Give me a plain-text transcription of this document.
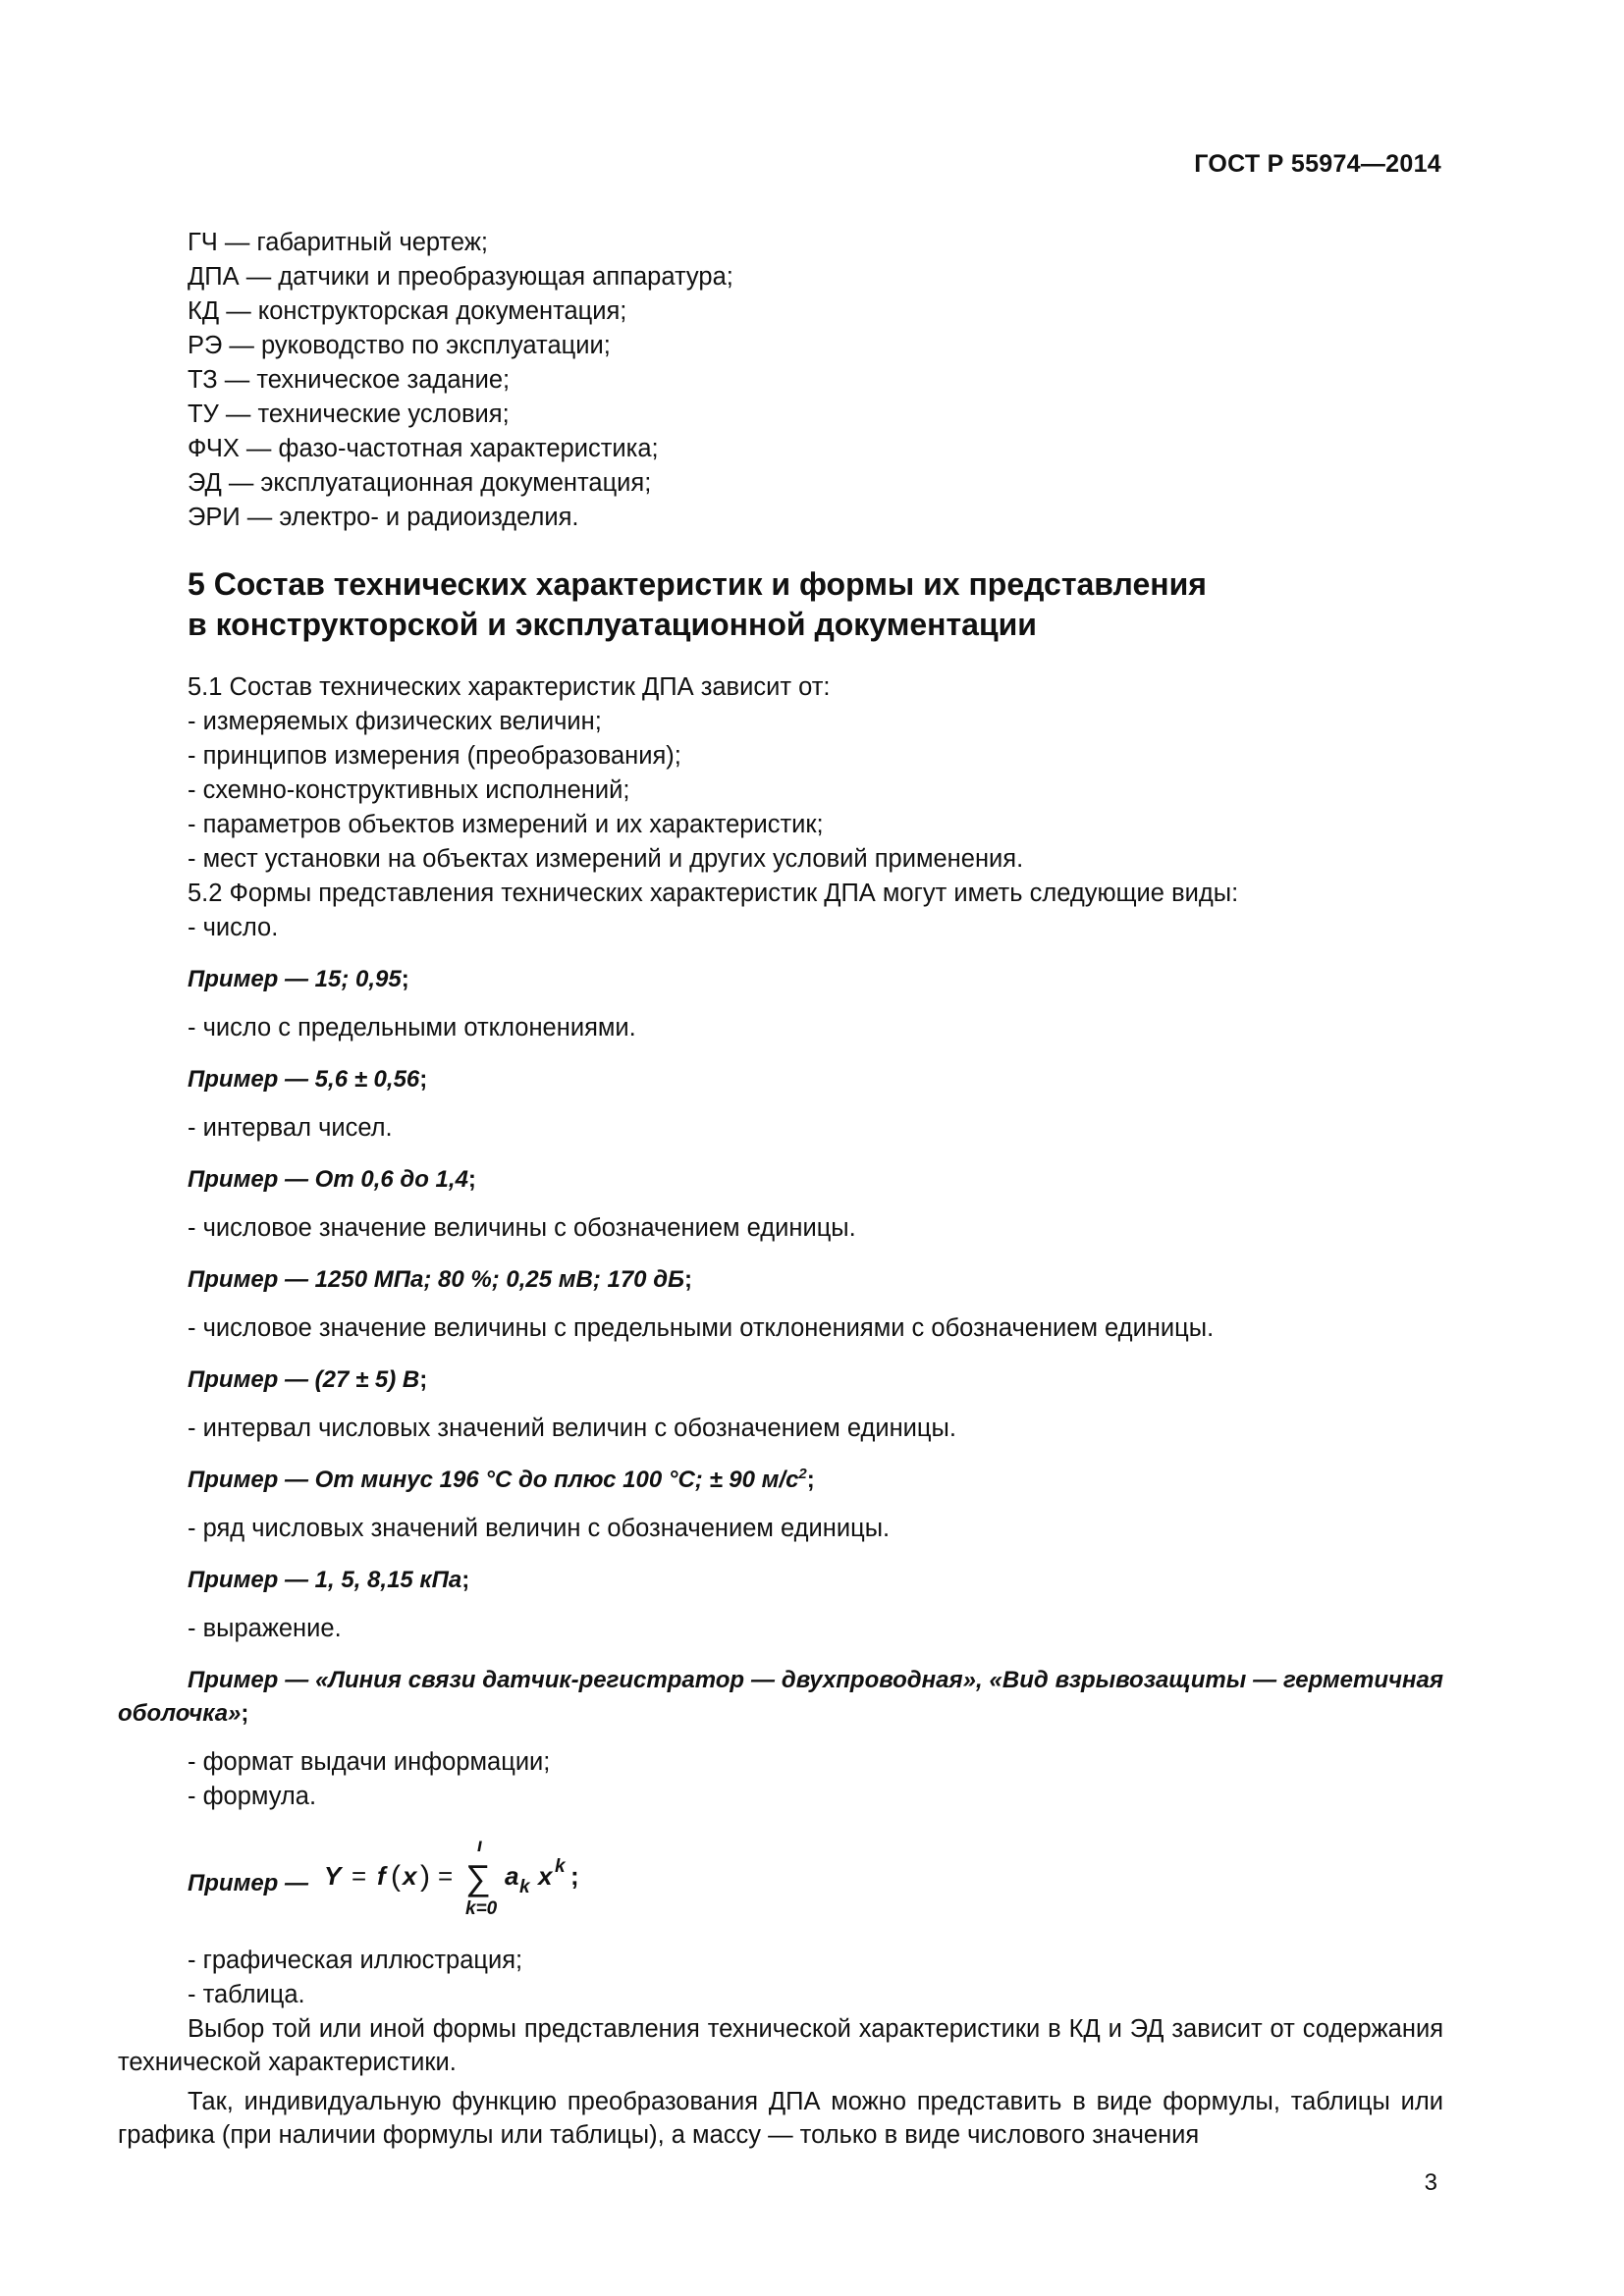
ГОСТ Р 55974—2014
ГЧ — габаритный чертеж;
ДПА — датчики и преобразующая аппаратура;
КД — конструкторская документация;
РЭ — руководство по эксплуатации;
ТЗ — техническое задание;
ТУ — технические условия;
ФЧХ — фазо-частотная характеристика;
ЭД — эксплуатационная документация;
ЭРИ — электро- и радиоизделия.
5 Состав технических характеристик и формы их представления
в конструкторской и эксплуатационной документации
5.1 Состав технических характеристик ДПА зависит от:
- измеряемых физических величин;
- принципов измерения (преобразования);
- схемно-конструктивных исполнений;
- параметров объектов измерений и их характеристик;
- мест установки на объектах измерений и других условий применения.
5.2 Формы представления технических характеристик ДПА могут иметь следующие виды:
- число.
Пример — 15; 0,95;
- число с предельными отклонениями.
Пример — 5,6 ± 0,56;
- интервал чисел.
Пример — От 0,6 до 1,4;
- числовое значение величины с обозначением единицы.
Пример — 1250 МПа; 80 %; 0,25 мВ; 170 дБ;
- числовое значение величины с предельными отклонениями с обозначением единицы.
Пример — (27 ± 5) В;
- интервал числовых значений величин с обозначением единицы.
Пример — От минус 196 °С до плюс 100 °С; ± 90 $м/с^2$;
- ряд числовых значений величин с обозначением единицы.
Пример — 1, 5, 8,15 кПа;
- выражение.
Пример — «Линия связи датчик-регистратор — двухпроводная», «Вид взрывозащиты — герметичная оболочка»;
- формат выдачи информации;
- формула.
Пример — Y = f ( x ) =
i
∑
k=0
a k x k ;
- графическая иллюстрация;
- таблица.
Выбор той или иной формы представления технической характеристики в КД и ЭД зависит от содержания технической характеристики.
Так, индивидуальную функцию преобразования ДПА можно представить в виде формулы, таблицы или графика (при наличии формулы или таблицы), а массу — только в виде числового значения
3
